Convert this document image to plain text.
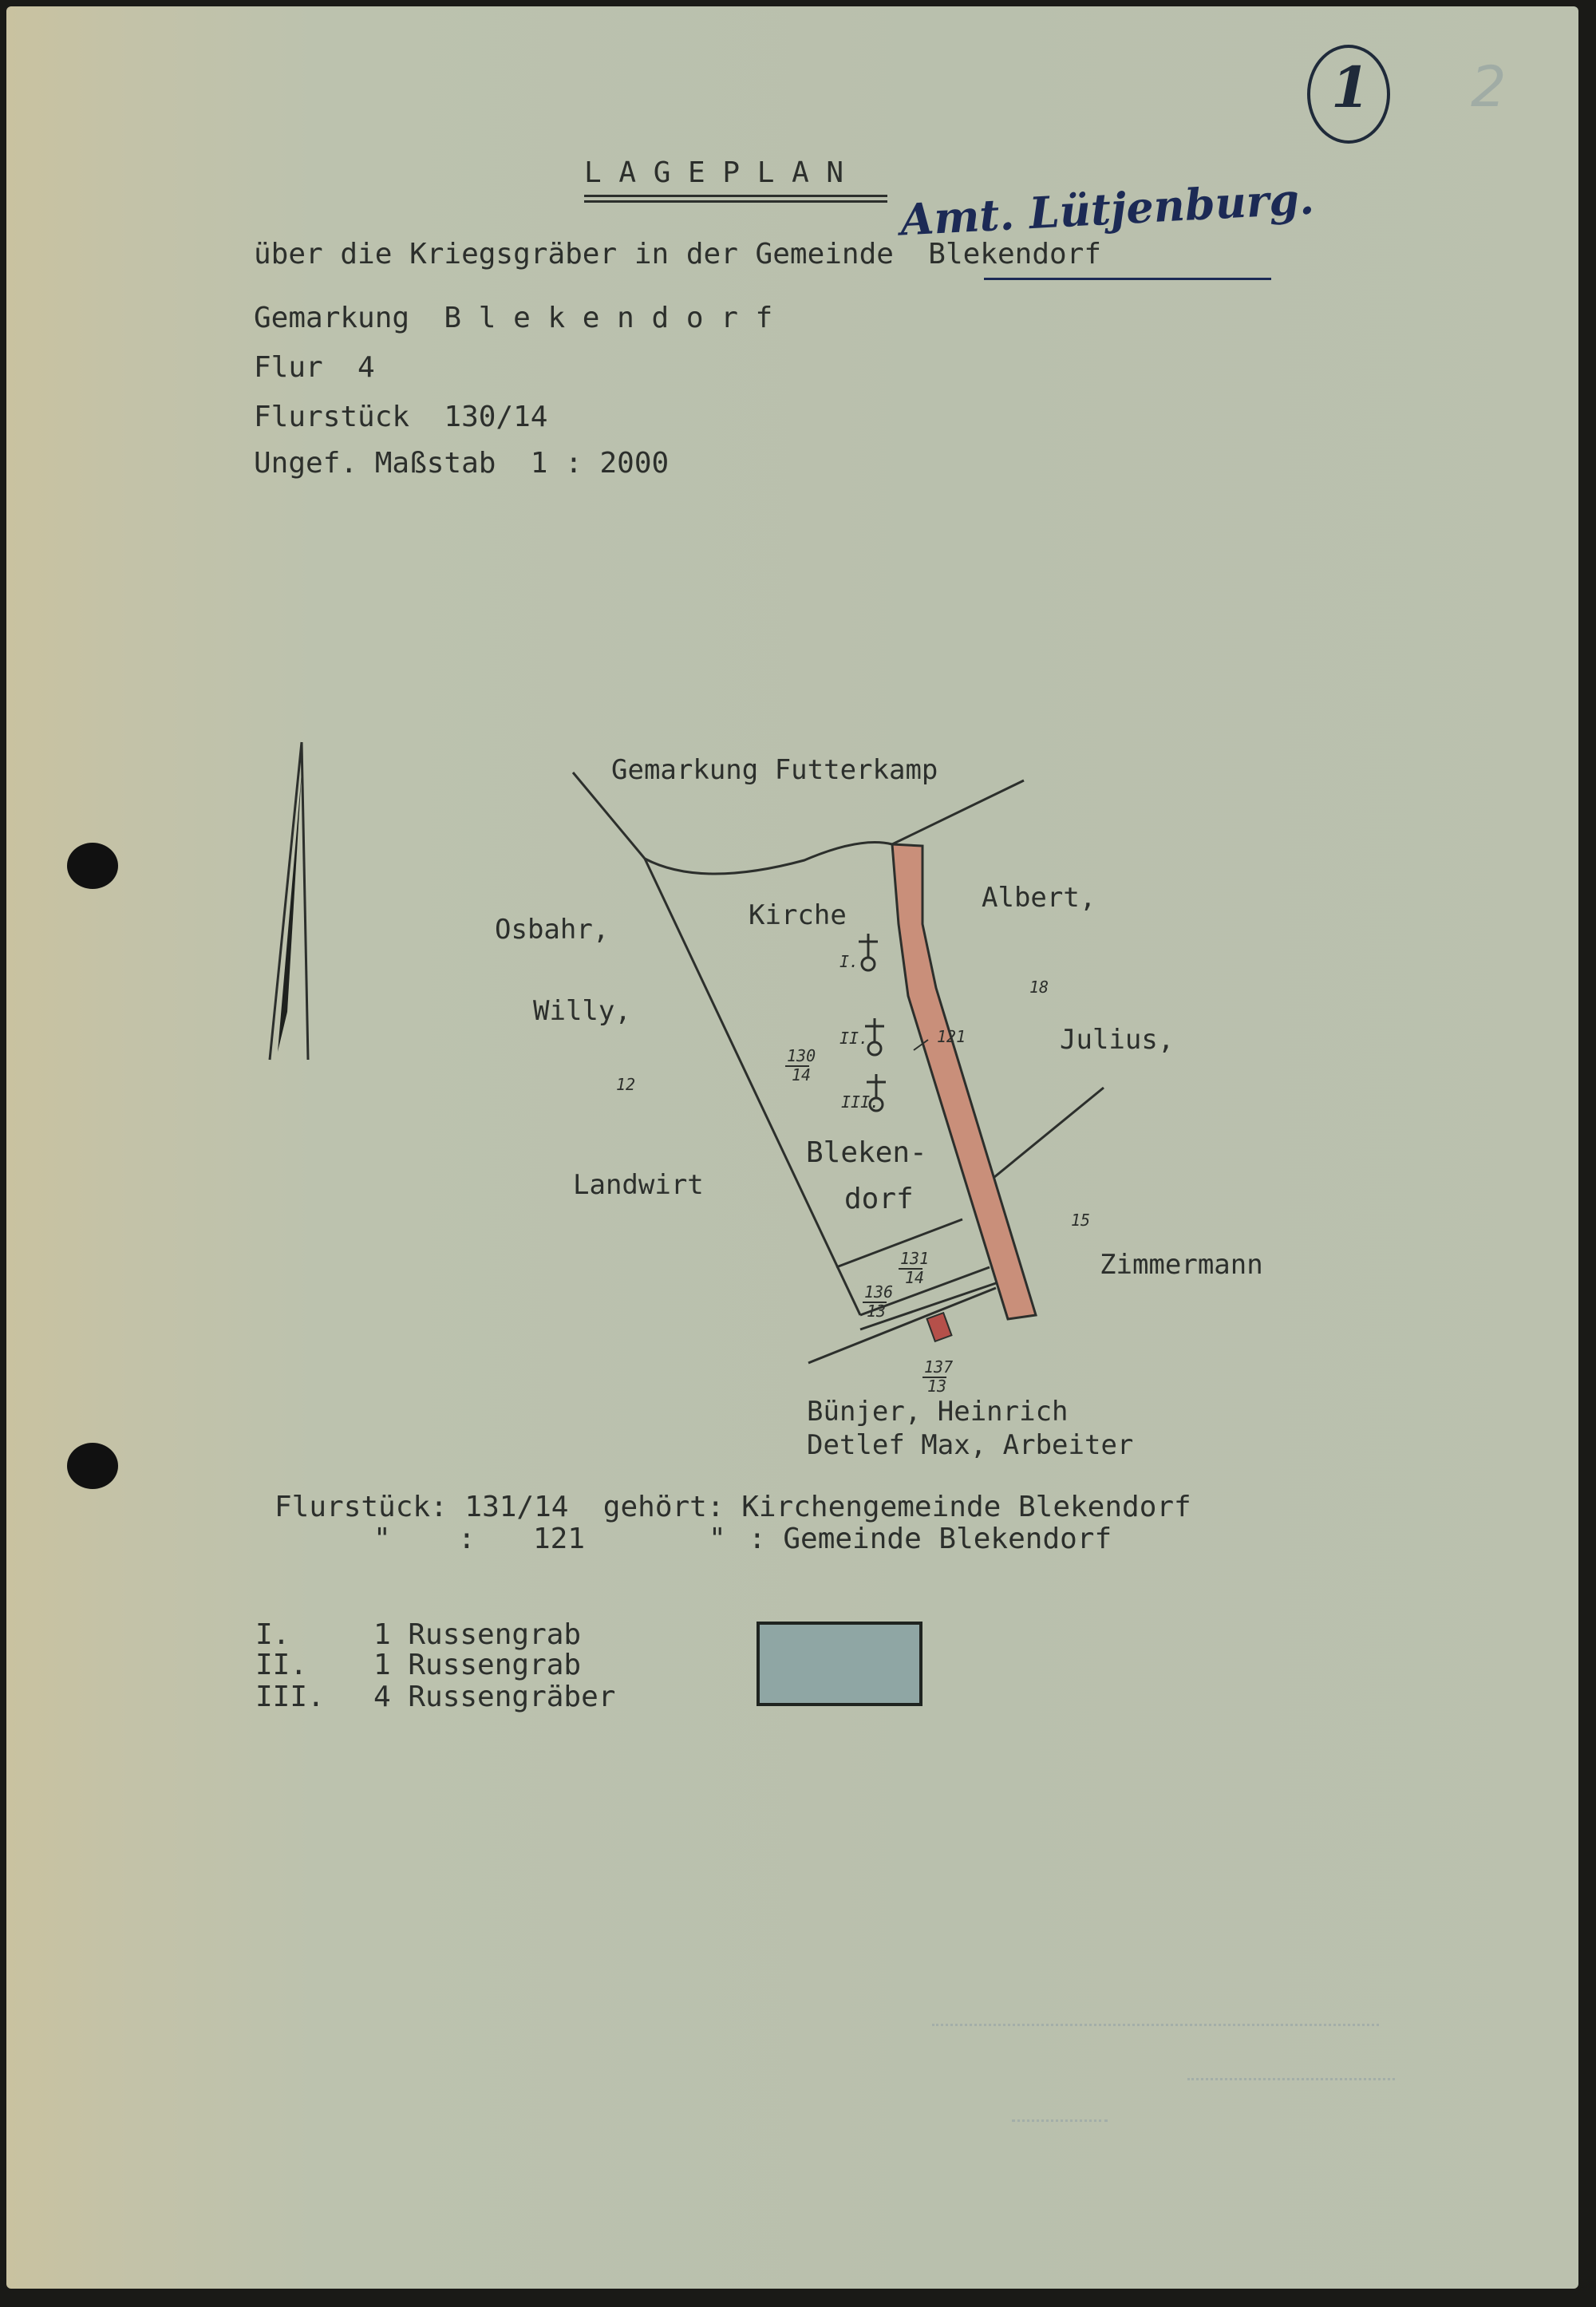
1 2
L A G E P L A N Amt. Lütjenburg.
über die Kriegsgräber in der Gemeinde  Blekendorf
Gemarkung  B l e k e n d o r f
Flur  4
Flurstück  130/14
Ungef. Maßstab  1 : 2000
Gemarkung Futterkamp
Kirche
Osbahr,
Willy,
Landwirt
Albert,
Julius,
Zimmermann
Bleken-
dorf
Bünjer, Heinrich
Detlef Max, Arbeiter
12
18
15
121
130
14
131
14
136
13
137
13
I.
II.
III.
Flurstück: 131/14  gehört: Kirchengemeinde Blekendorf
" : 121	" : Gemeinde Blekendorf
I.	1 Russengrab
II. 1 Russengrab
III. 4 Russengräber
